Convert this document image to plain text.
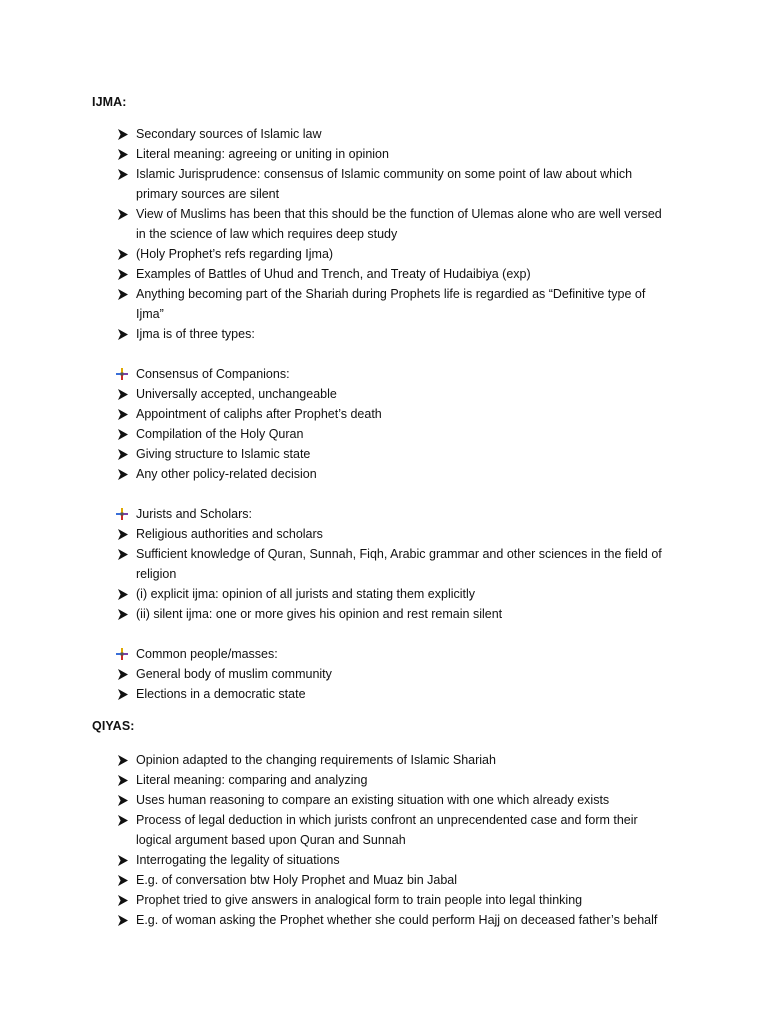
IJMA:
Secondary sources of Islamic law
Literal meaning: agreeing or uniting in opinion
Islamic Jurisprudence: consensus of Islamic community on some point of law about which primary sources are silent
View of Muslims has been that this should be the function of Ulemas alone who are well versed in the science of law which requires deep study
(Holy Prophet’s refs regarding Ijma)
Examples of Battles of Uhud and Trench, and Treaty of Hudaibiya (exp)
Anything becoming part of the Shariah during Prophets life is regardied as “Definitive type of Ijma”
Ijma is of three types:
Consensus of Companions:
Universally accepted, unchangeable
Appointment of caliphs after Prophet’s death
Compilation of the Holy Quran
Giving structure to Islamic state
Any other policy-related decision
Jurists and Scholars:
Religious authorities and scholars
Sufficient knowledge of Quran, Sunnah, Fiqh, Arabic grammar and other sciences in the field of religion
(i) explicit ijma: opinion of all jurists and stating them explicitly
(ii) silent ijma: one or more gives his opinion and rest remain silent
Common people/masses:
General body of muslim community
Elections in a democratic state
QIYAS:
Opinion adapted to the changing requirements of Islamic Shariah
Literal meaning: comparing and analyzing
Uses human reasoning to compare an existing situation with one which already exists
Process of legal deduction in which jurists confront an unprecendented case and form their logical argument based upon Quran and Sunnah
Interrogating the legality of situations
E.g. of conversation btw Holy Prophet and Muaz bin Jabal
Prophet tried to give answers in analogical form to train people into legal thinking
E.g. of woman asking the Prophet whether she could perform Hajj on deceased father’s behalf
